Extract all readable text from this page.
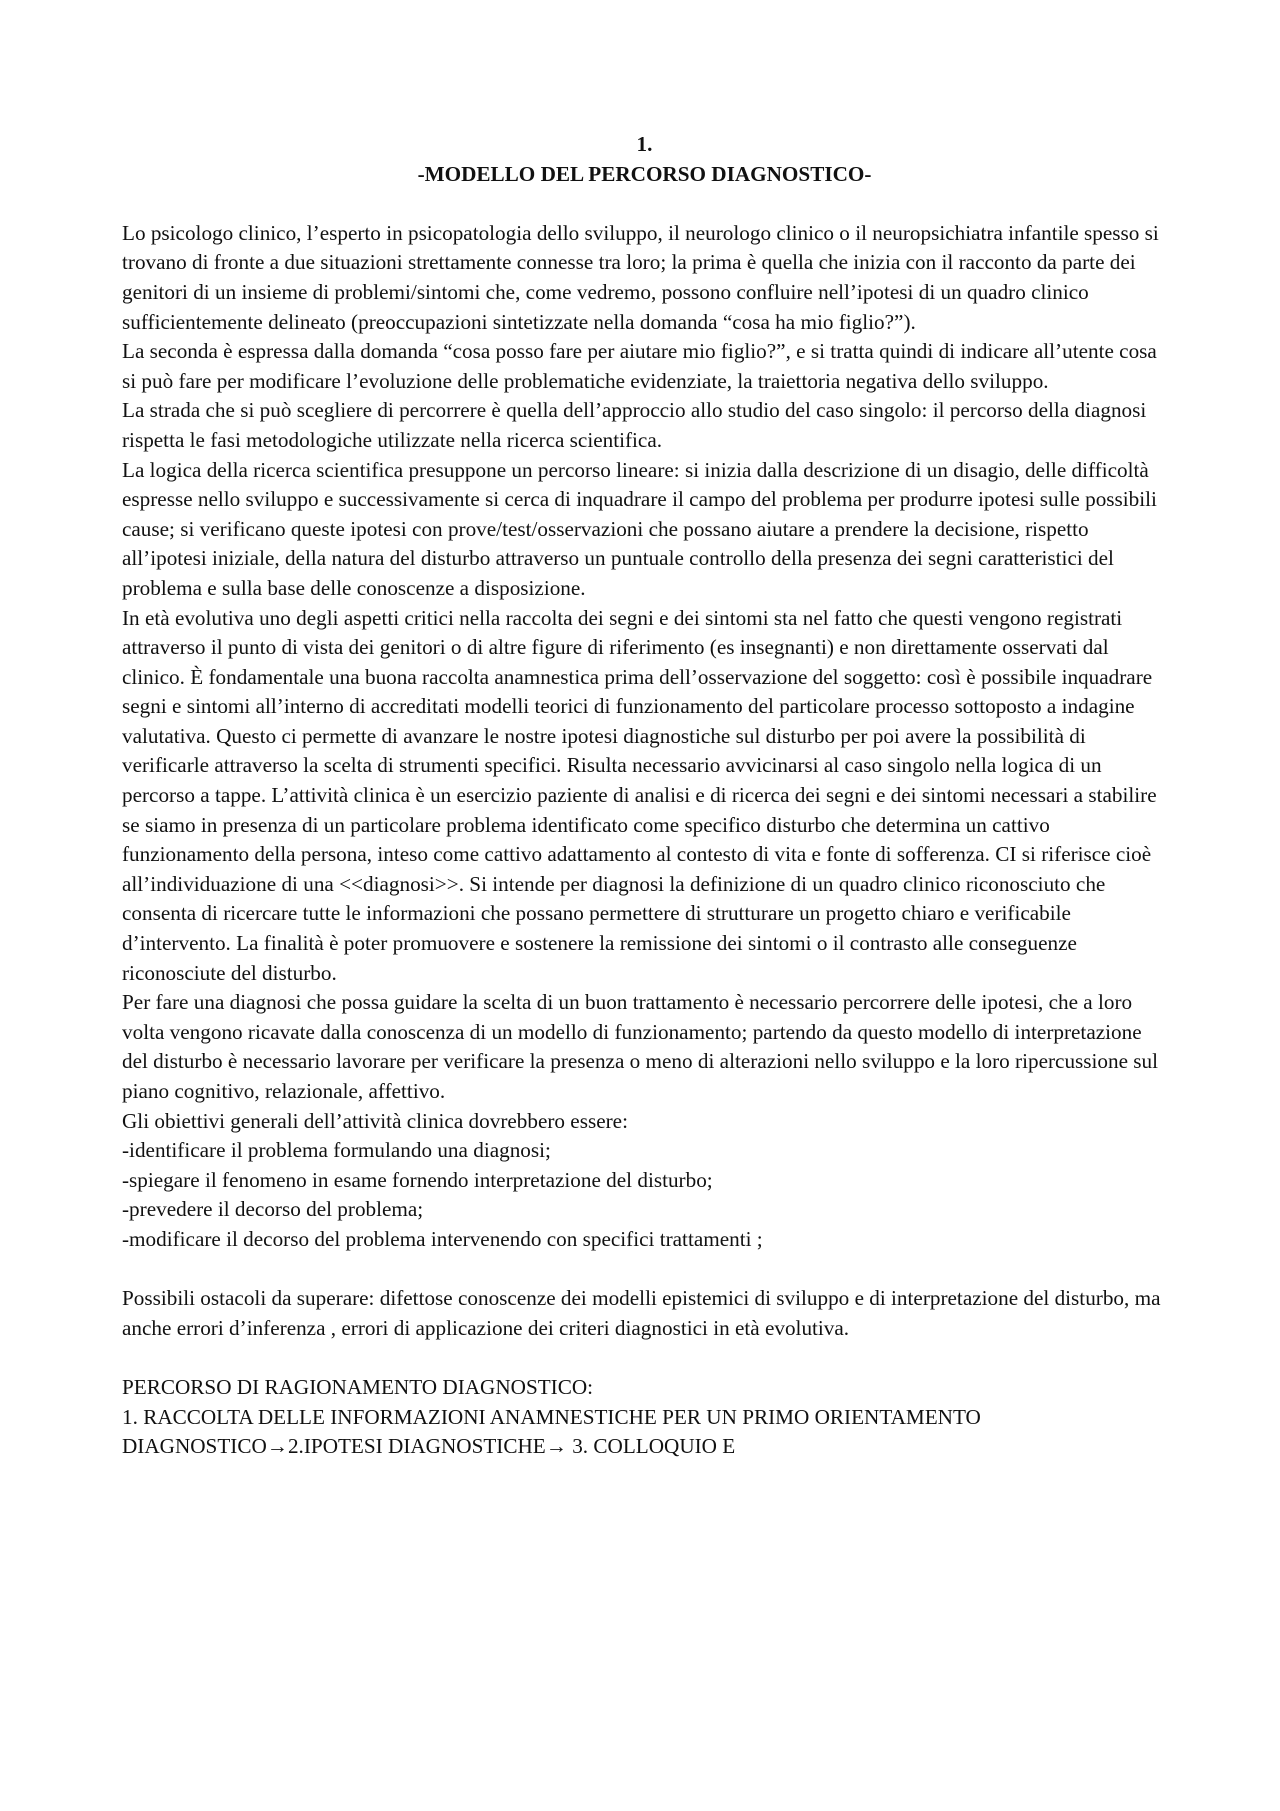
1.

-MODELLO DEL PERCORSO DIAGNOSTICO-

Lo psicologo clinico, l’esperto in psicopatologia dello sviluppo, il neurologo clinico o il neuropsichiatra infantile spesso si trovano di fronte a due situazioni strettamente connesse tra loro; la prima è quella che inizia con il racconto da parte dei genitori di un insieme di problemi/sintomi che, come vedremo, possono confluire nell’ipotesi di un quadro clinico sufficientemente delineato (preoccupazioni sintetizzate nella domanda “cosa ha mio figlio?”).

La seconda è espressa dalla domanda “cosa posso fare per aiutare mio figlio?”, e si tratta quindi di indicare all’utente cosa si può fare per modificare l’evoluzione delle problematiche evidenziate, la traiettoria negativa dello sviluppo.

La strada che si può scegliere di percorrere è quella dell’approccio allo studio del caso singolo: il percorso della diagnosi rispetta le fasi metodologiche utilizzate nella ricerca scientifica.

La logica della ricerca scientifica presuppone un percorso lineare: si inizia dalla descrizione di un disagio, delle difficoltà espresse nello sviluppo e successivamente si cerca di inquadrare il campo del problema per produrre ipotesi sulle possibili cause; si verificano queste ipotesi con prove/test/osservazioni che possano aiutare a prendere la decisione, rispetto all’ipotesi iniziale, della natura del disturbo attraverso un puntuale controllo della presenza dei segni caratteristici del problema e sulla base delle conoscenze a disposizione.

In età evolutiva uno degli aspetti critici nella raccolta dei segni e dei sintomi sta nel fatto che questi vengono registrati attraverso il punto di vista dei genitori o di altre figure di riferimento (es insegnanti) e non direttamente osservati dal clinico. È fondamentale una buona raccolta anamnestica prima dell’osservazione del soggetto: così è possibile inquadrare segni e sintomi all’interno di accreditati modelli teorici di funzionamento del particolare processo sottoposto a indagine valutativa. Questo ci permette di avanzare le nostre ipotesi diagnostiche sul disturbo per poi avere la possibilità di verificarle attraverso la scelta di strumenti specifici. Risulta necessario avvicinarsi al caso singolo nella logica di un percorso a tappe. L’attività clinica è un esercizio paziente di analisi e di ricerca dei segni e dei sintomi necessari a stabilire se siamo in presenza di un particolare problema identificato come specifico disturbo che determina un cattivo funzionamento della persona, inteso come cattivo adattamento al contesto di vita e fonte di sofferenza. CI si riferisce cioè all’individuazione di una <<diagnosi>>. Si intende per diagnosi la definizione di un quadro clinico riconosciuto che consenta di ricercare tutte le informazioni che possano permettere di strutturare un progetto chiaro e verificabile d’intervento. La finalità è poter promuovere e sostenere la remissione dei sintomi o il contrasto alle conseguenze riconosciute del disturbo.

Per fare una diagnosi che possa guidare la scelta di un buon trattamento è necessario percorrere delle ipotesi, che a loro volta vengono ricavate dalla conoscenza di un modello di funzionamento; partendo da questo modello di interpretazione del disturbo è necessario lavorare per verificare la presenza o meno di alterazioni nello sviluppo e la loro ripercussione sul piano cognitivo, relazionale, affettivo.

Gli obiettivi generali dell’attività clinica dovrebbero essere:

-identificare il problema formulando una diagnosi;
-spiegare il fenomeno in esame fornendo interpretazione del disturbo;
-prevedere il decorso del problema;
-modificare il decorso del problema intervenendo con specifici trattamenti ;

Possibili ostacoli da superare: difettose conoscenze dei modelli epistemici di sviluppo e di interpretazione del disturbo, ma anche errori d’inferenza , errori di applicazione dei criteri diagnostici in età evolutiva.

PERCORSO DI RAGIONAMENTO DIAGNOSTICO:

1. RACCOLTA DELLE INFORMAZIONI ANAMNESTICHE PER UN PRIMO ORIENTAMENTO DIAGNOSTICO→2.IPOTESI DIAGNOSTICHE→ 3. COLLOQUIO E
